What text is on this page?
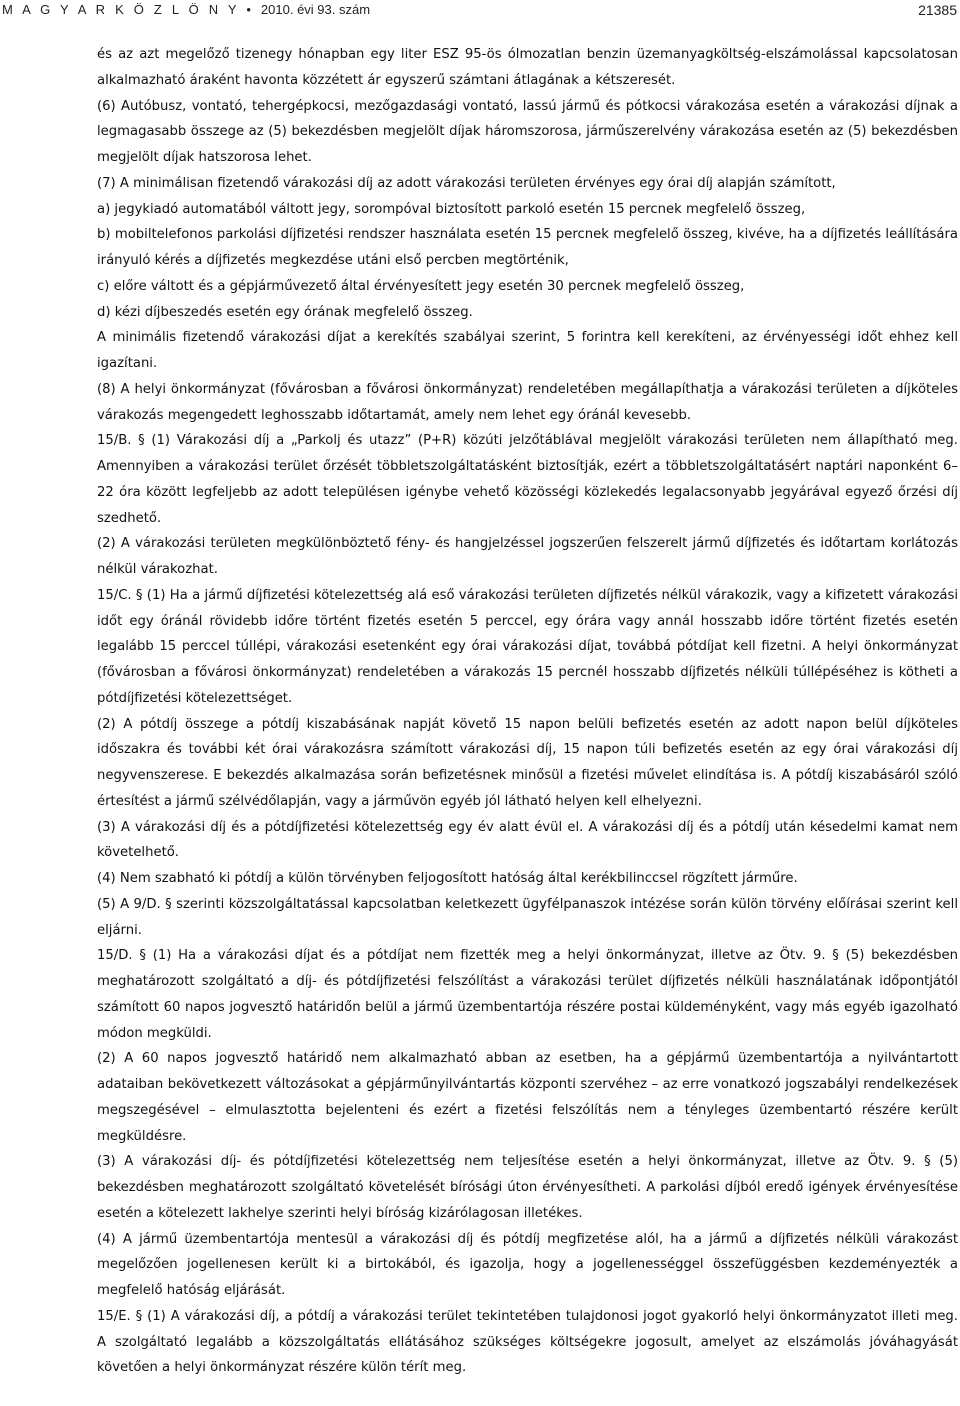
M A G Y A R K Ö Z L Ö N Y • 2010. évi 93. szám	21385

és az azt megelőző tizenegy hónapban egy liter ESZ 95-ös ólmozatlan benzin üzemanyagköltség-elszámolással kapcsolatosan alkalmazható áraként havonta közzétett ár egyszerű számtani átlagának a kétszeresét.

(6) Autóbusz, vontató, tehergépkocsi, mezőgazdasági vontató, lassú jármű és pótkocsi várakozása esetén a várakozási díjnak a legmagasabb összege az (5) bekezdésben megjelölt díjak háromszorosa, járműszerelvény várakozása esetén az (5) bekezdésben megjelölt díjak hatszorosa lehet.

(7) A minimálisan fizetendő várakozási díj az adott várakozási területen érvényes egy órai díj alapján számított,

a) jegykiadó automatából váltott jegy, sorompóval biztosított parkoló esetén 15 percnek megfelelő összeg,

b) mobiltelefonos parkolási díjfizetési rendszer használata esetén 15 percnek megfelelő összeg, kivéve, ha a díjfizetés leállítására irányuló kérés a díjfizetés megkezdése utáni első percben megtörténik,

c) előre váltott és a gépjárművezető által érvényesített jegy esetén 30 percnek megfelelő összeg,

d) kézi díjbeszedés esetén egy órának megfelelő összeg.

A minimális fizetendő várakozási díjat a kerekítés szabályai szerint, 5 forintra kell kerekíteni, az érvényességi időt ehhez kell igazítani.

(8) A helyi önkormányzat (fővárosban a fővárosi önkormányzat) rendeletében megállapíthatja a várakozási területen a díjköteles várakozás megengedett leghosszabb időtartamát, amely nem lehet egy óránál kevesebb.

15/B. § (1) Várakozási díj a „Parkolj és utazz” (P+R) közúti jelzőtáblával megjelölt várakozási területen nem állapítható meg. Amennyiben a várakozási terület őrzését többletszolgáltatásként biztosítják, ezért a többletszolgáltatásért naptári naponként 6–22 óra között legfeljebb az adott településen igénybe vehető közösségi közlekedés legalacsonyabb jegyárával egyező őrzési díj szedhető.

(2) A várakozási területen megkülönböztető fény- és hangjelzéssel jogszerűen felszerelt jármű díjfizetés és időtartam korlátozás nélkül várakozhat.

15/C. § (1) Ha a jármű díjfizetési kötelezettség alá eső várakozási területen díjfizetés nélkül várakozik, vagy a kifizetett várakozási időt egy óránál rövidebb időre történt fizetés esetén 5 perccel, egy órára vagy annál hosszabb időre történt fizetés esetén legalább 15 perccel túllépi, várakozási esetenként egy órai várakozási díjat, továbbá pótdíjat kell fizetni. A helyi önkormányzat (fővárosban a fővárosi önkormányzat) rendeletében a várakozás 15 percnél hosszabb díjfizetés nélküli túllépéséhez is kötheti a pótdíjfizetési kötelezettséget.

(2) A pótdíj összege a pótdíj kiszabásának napját követő 15 napon belüli befizetés esetén az adott napon belül díjköteles időszakra és további két órai várakozásra számított várakozási díj, 15 napon túli befizetés esetén az egy órai várakozási díj negyvenszerese. E bekezdés alkalmazása során befizetésnek minősül a fizetési művelet elindítása is. A pótdíj kiszabásáról szóló értesítést a jármű szélvédőlapján, vagy a járművön egyéb jól látható helyen kell elhelyezni.

(3) A várakozási díj és a pótdíjfizetési kötelezettség egy év alatt évül el. A várakozási díj és a pótdíj után késedelmi kamat nem követelhető.

(4) Nem szabható ki pótdíj a külön törvényben feljogosított hatóság által kerékbilinccsel rögzített járműre.

(5) A 9/D. § szerinti közszolgáltatással kapcsolatban keletkezett ügyfélpanaszok intézése során külön törvény előírásai szerint kell eljárni.

15/D. § (1) Ha a várakozási díjat és a pótdíjat nem fizették meg a helyi önkormányzat, illetve az Ötv. 9. § (5) bekezdésben meghatározott szolgáltató a díj- és pótdíjfizetési felszólítást a várakozási terület díjfizetés nélküli használatának időpontjától számított 60 napos jogvesztő határidőn belül a jármű üzembentartója részére postai küldeményként, vagy más egyéb igazolható módon megküldi.

(2) A 60 napos jogvesztő határidő nem alkalmazható abban az esetben, ha a gépjármű üzembentartója a nyilvántartott adataiban bekövetkezett változásokat a gépjárműnyilvántartás központi szervéhez – az erre vonatkozó jogszabályi rendelkezések megszegésével – elmulasztotta bejelenteni és ezért a fizetési felszólítás nem a tényleges üzembentartó részére került megküldésre.

(3) A várakozási díj- és pótdíjfizetési kötelezettség nem teljesítése esetén a helyi önkormányzat, illetve az Ötv. 9. § (5) bekezdésben meghatározott szolgáltató követelését bírósági úton érvényesítheti. A parkolási díjból eredő igények érvényesítése esetén a kötelezett lakhelye szerinti helyi bíróság kizárólagosan illetékes.

(4) A jármű üzembentartója mentesül a várakozási díj és pótdíj megfizetése alól, ha a jármű a díjfizetés nélküli várakozást megelőzően jogellenesen került ki a birtokából, és igazolja, hogy a jogellenességgel összefüggésben kezdeményezték a megfelelő hatóság eljárását.

15/E. § (1) A várakozási díj, a pótdíj a várakozási terület tekintetében tulajdonosi jogot gyakorló helyi önkormányzatot illeti meg. A szolgáltató legalább a közszolgáltatás ellátásához szükséges költségekre jogosult, amelyet az elszámolás jóváhagyását követően a helyi önkormányzat részére külön térít meg.
